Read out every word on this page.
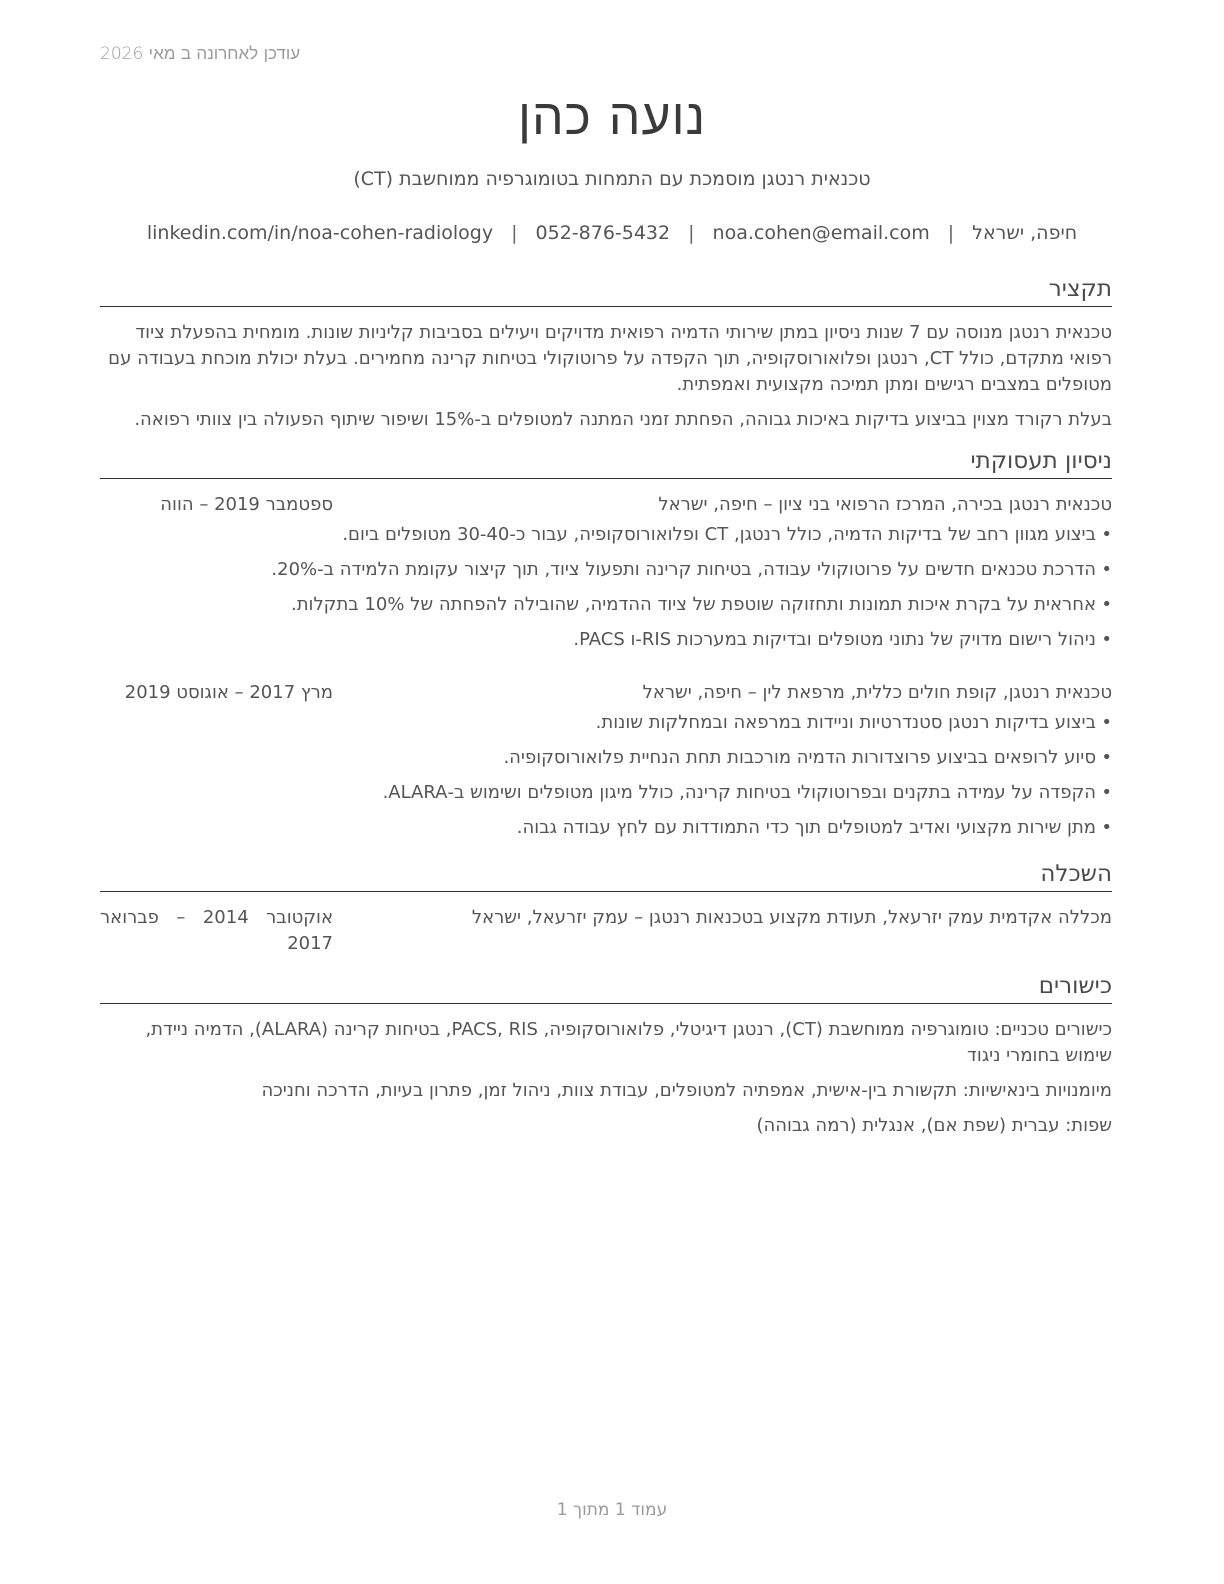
עודכן לאחרונה ב מאי 2026
נועה כהן
טכנאית רנטגן מוסמכת עם התמחות בטומוגרפיה ממוחשבת (CT)
חיפה, ישראל|noa.cohen@email.com|052-876-5432|linkedin.com/in/noa-cohen-radiology
תקציר

טכנאית רנטגן מנוסה עם 7 שנות ניסיון במתן שירותי הדמיה רפואית מדויקים ויעילים בסביבות קליניות שונות. מומחית בהפעלת ציוד רפואי מתקדם, כולל CT, רנטגן ופלואורוסקופיה, תוך הקפדה על פרוטוקולי בטיחות קרינה מחמירים. בעלת יכולת מוכחת בעבודה עם מטופלים במצבים רגישים ומתן תמיכה מקצועית ואמפתית.

בעלת רקורד מצוין בביצוע בדיקות באיכות גבוהה, הפחתת זמני המתנה למטופלים ב-15% ושיפור שיתוף הפעולה בין צוותי רפואה.

ניסיון תעסוקתי
טכנאית רנטגן בכירה, המרכז הרפואי בני ציון – חיפה, ישראל
ספטמבר 2019 – הווה
• ביצוע מגוון רחב של בדיקות הדמיה, כולל רנטגן, CT ופלואורוסקופיה, עבור כ-30-40 מטופלים ביום.
• הדרכת טכנאים חדשים על פרוטוקולי עבודה, בטיחות קרינה ותפעול ציוד, תוך קיצור עקומת הלמידה ב-20%.
• אחראית על בקרת איכות תמונות ותחזוקה שוטפת של ציוד ההדמיה, שהובילה להפחתה של 10% בתקלות.
• ניהול רישום מדויק של נתוני מטופלים ובדיקות במערכות RIS-ו PACS.
טכנאית רנטגן, קופת חולים כללית, מרפאת לין – חיפה, ישראל
מרץ 2017 – אוגוסט 2019
• ביצוע בדיקות רנטגן סטנדרטיות וניידות במרפאה ובמחלקות שונות.
• סיוע לרופאים בביצוע פרוצדורות הדמיה מורכבות תחת הנחיית פלואורוסקופיה.
• הקפדה על עמידה בתקנים ובפרוטוקולי בטיחות קרינה, כולל מיגון מטופלים ושימוש ב-ALARA.
• מתן שירות מקצועי ואדיב למטופלים תוך כדי התמודדות עם לחץ עבודה גבוה.
השכלה
מכללה אקדמית עמק יזרעאל, תעודת מקצוע בטכנאות רנטגן – עמק יזרעאל, ישראל
אוקטובר 2014 – פברואר 2017
כישורים

כישורים טכניים: טומוגרפיה ממוחשבת (CT), רנטגן דיגיטלי, פלואורוסקופיה, PACS, RIS, בטיחות קרינה (ALARA), הדמיה ניידת, שימוש בחומרי ניגוד

מיומנויות בינאישיות: תקשורת בין-אישית, אמפתיה למטופלים, עבודת צוות, ניהול זמן, פתרון בעיות, הדרכה וחניכה

שפות: עברית (שפת אם), אנגלית (רמה גבוהה)

עמוד 1 מתוך 1
